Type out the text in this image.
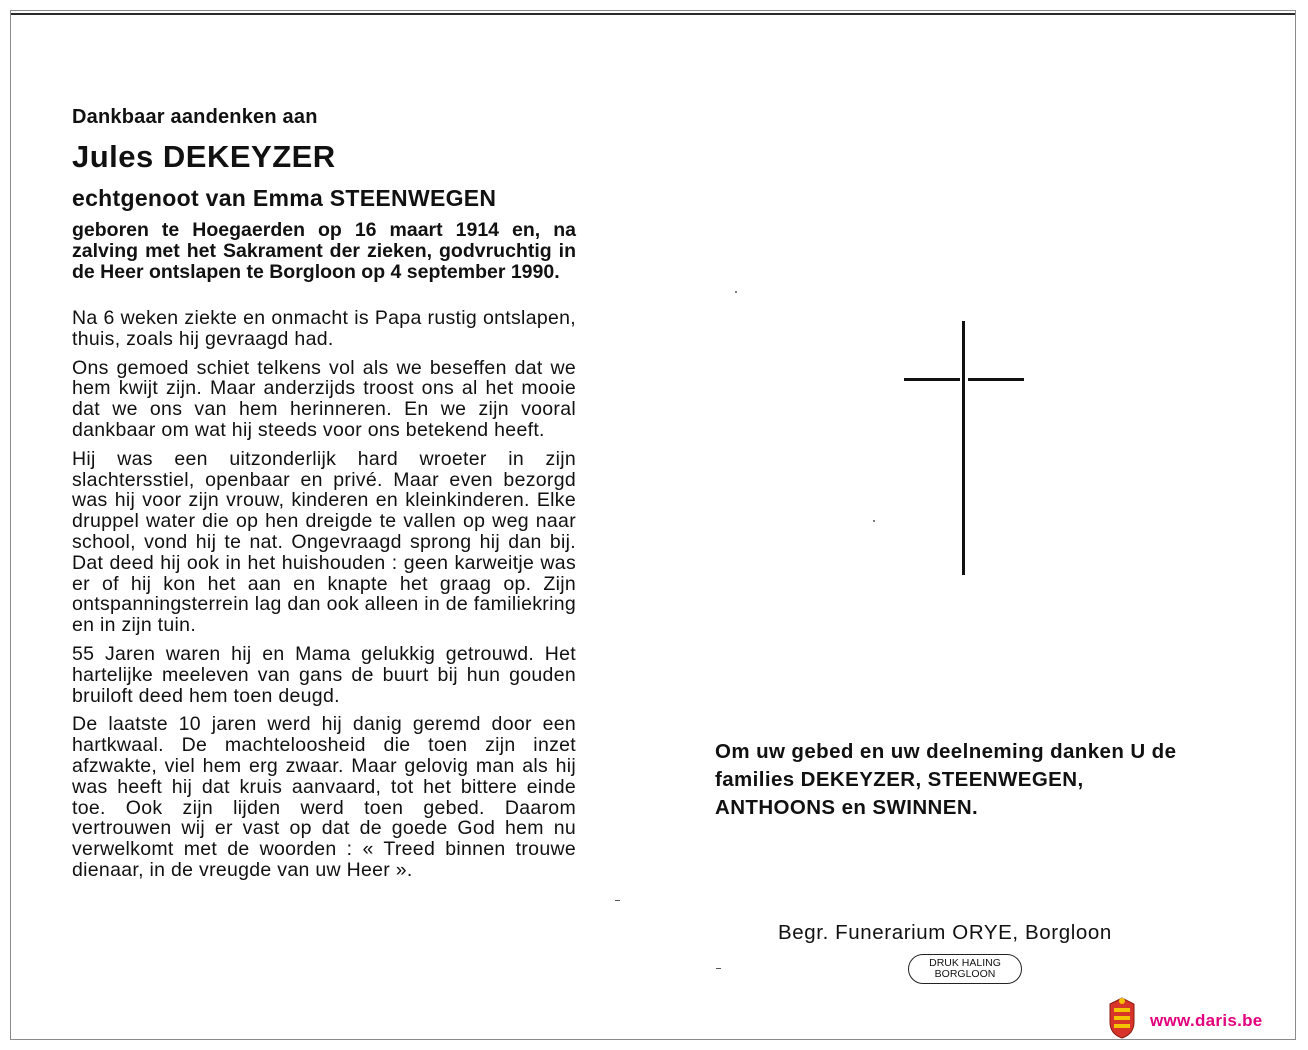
Dankbaar aandenken aan

Jules DEKEYZER

echtgenoot van Emma STEENWEGEN

geboren te Hoegaerden op 16 maart 1914 en, na zalving met het Sakrament der zieken, godvruchtig in de Heer ontslapen te Borgloon op 4 september 1990.

Na 6 weken ziekte en onmacht is Papa rustig ontslapen, thuis, zoals hij gevraagd had.

Ons gemoed schiet telkens vol als we beseffen dat we hem kwijt zijn. Maar anderzijds troost ons al het mooie dat we ons van hem herinneren. En we zijn vooral dankbaar om wat hij steeds voor ons betekend heeft.

Hij was een uitzonderlijk hard wroeter in zijn slachtersstiel, openbaar en privé. Maar even bezorgd was hij voor zijn vrouw, kinderen en kleinkinderen. Elke druppel water die op hen dreigde te vallen op weg naar school, vond hij te nat. Ongevraagd sprong hij dan bij. Dat deed hij ook in het huishouden : geen karweitje was er of hij kon het aan en knapte het graag op. Zijn ontspanningsterrein lag dan ook alleen in de familiekring en in zijn tuin.

55 Jaren waren hij en Mama gelukkig getrouwd. Het hartelijke meeleven van gans de buurt bij hun gouden bruiloft deed hem toen deugd.

De laatste 10 jaren werd hij danig geremd door een hartkwaal. De machteloosheid die toen zijn inzet afzwakte, viel hem erg zwaar. Maar gelovig man als hij was heeft hij dat kruis aanvaard, tot het bittere einde toe. Ook zijn lijden werd toen gebed. Daarom vertrouwen wij er vast op dat de goede God hem nu verwelkomt met de woorden : « Treed binnen trouwe dienaar, in de vreugde van uw Heer ».

Om uw gebed en uw deelneming danken U de
families DEKEYZER, STEENWEGEN,
ANTHOONS en SWINNEN.
Begr. Funerarium ORYE, Borgloon
DRUK HALING
BORGLOON
www.daris.be
